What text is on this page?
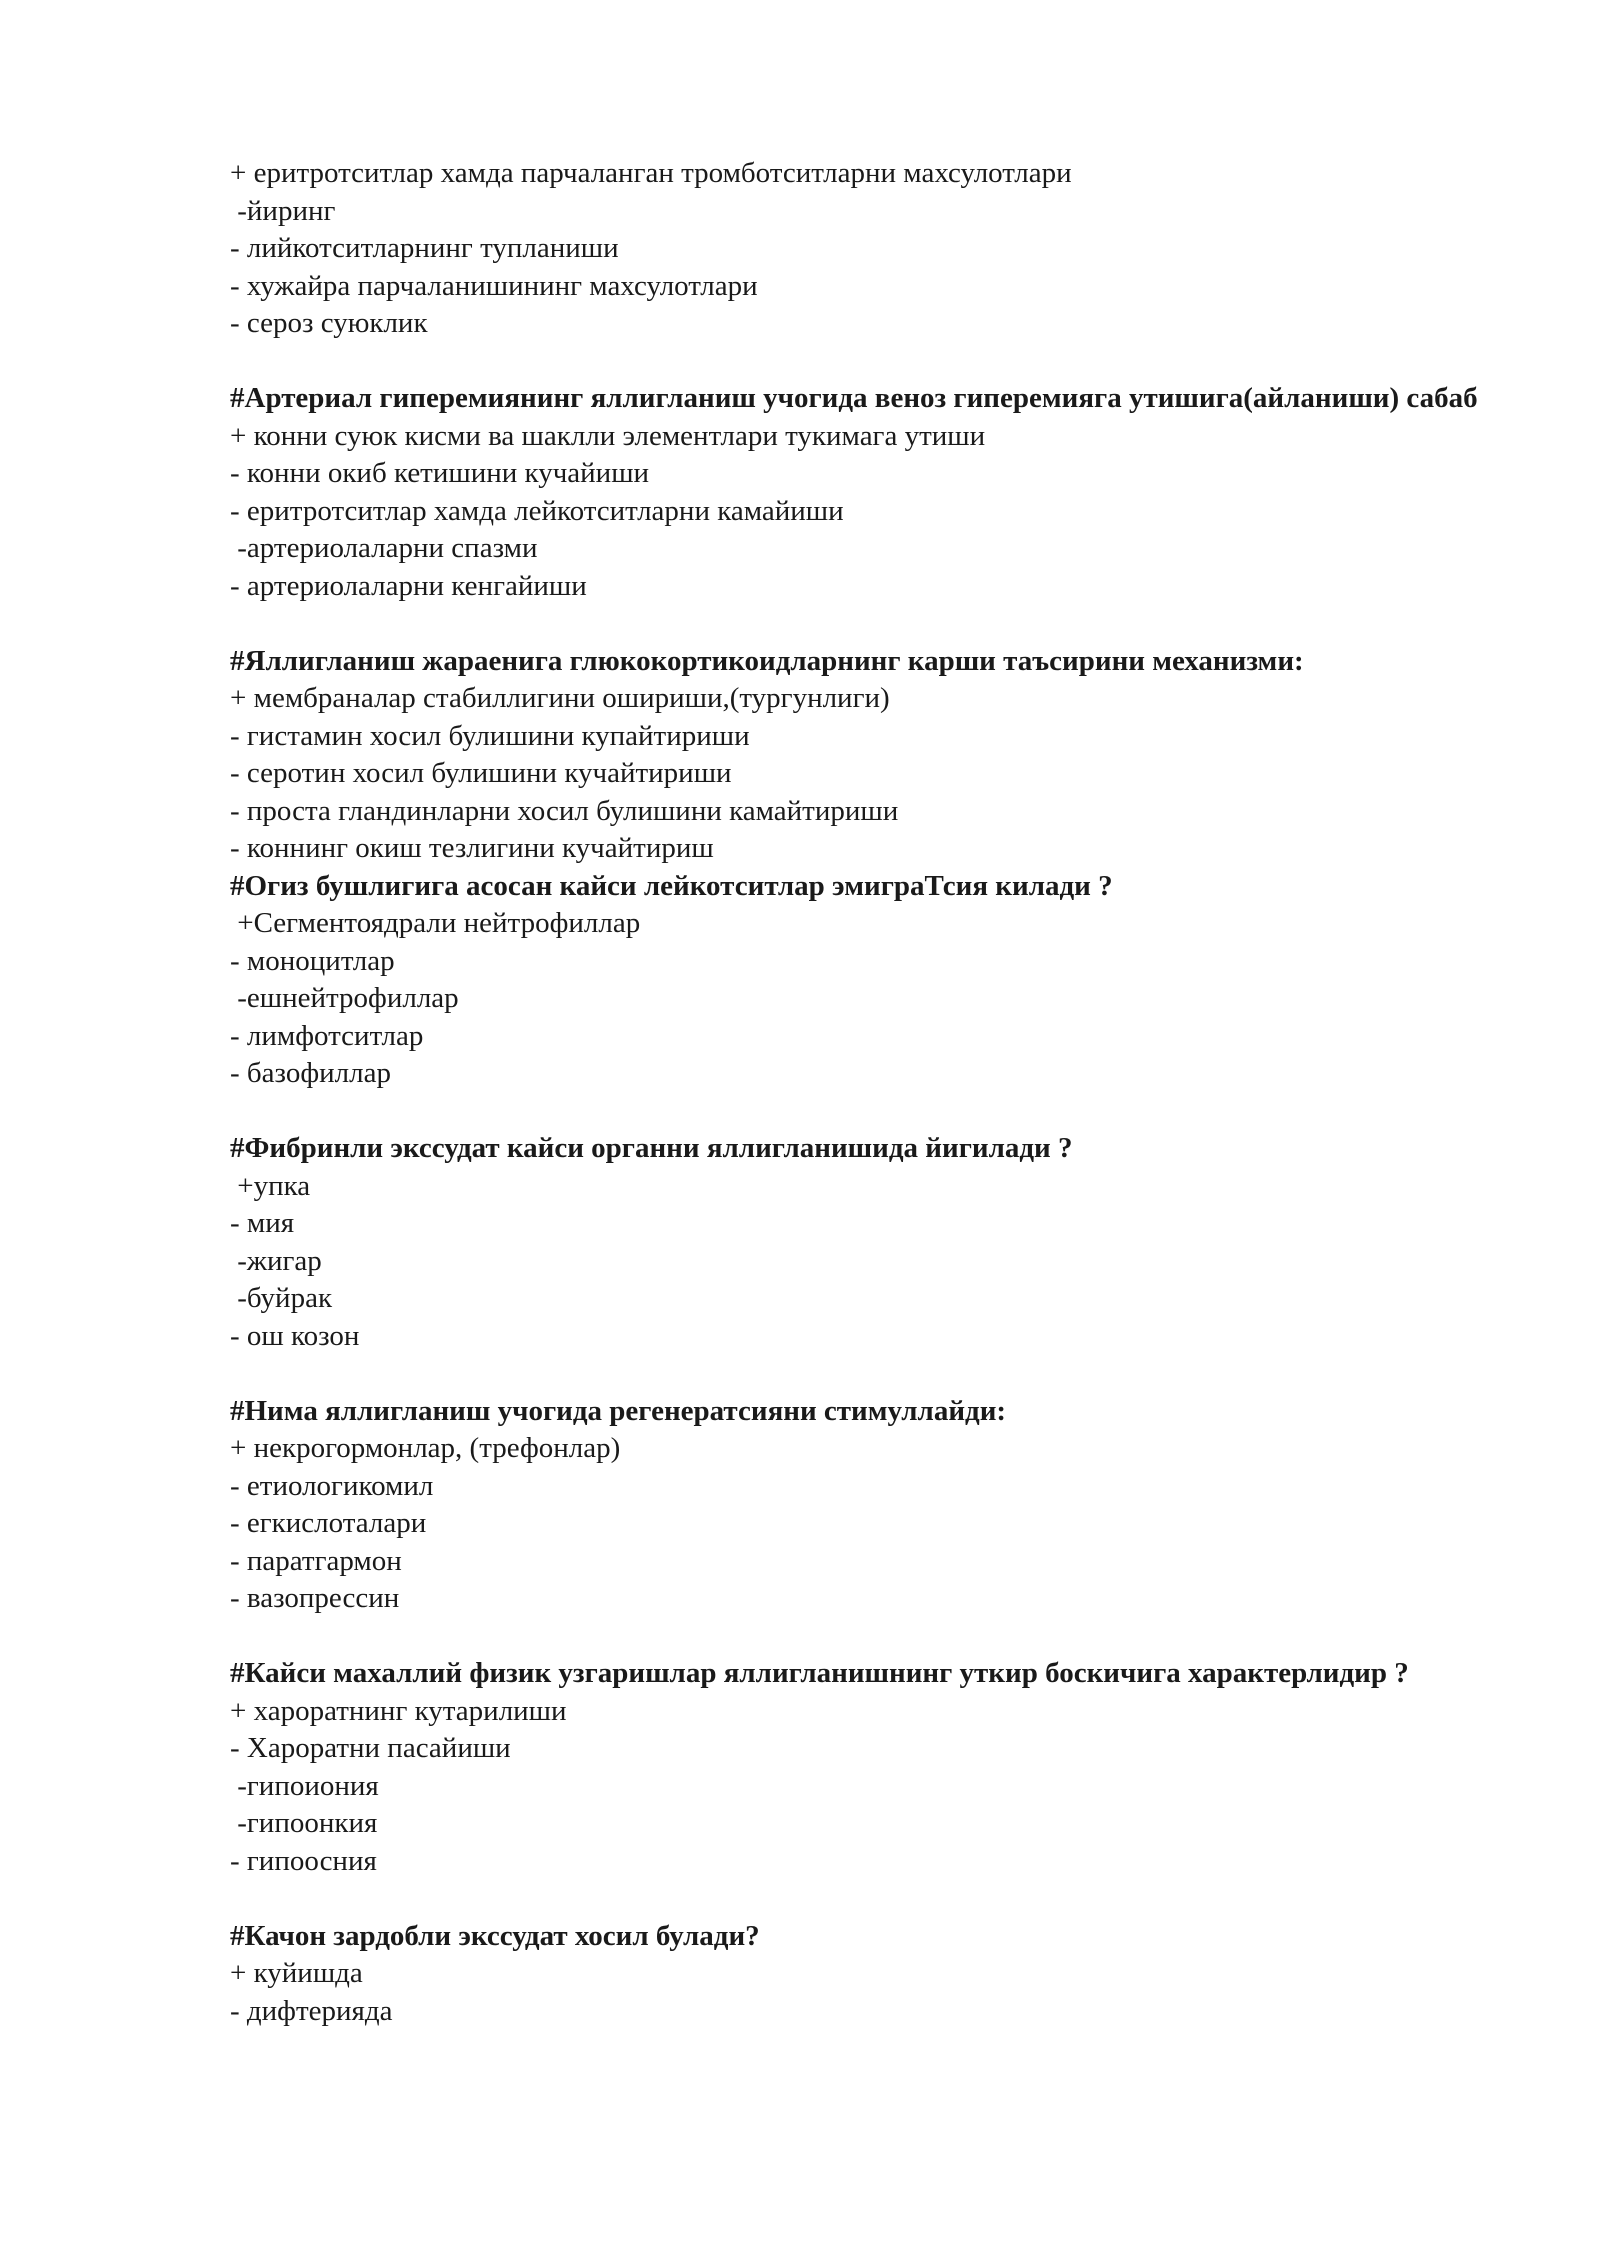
+ еритротситлар хамда парчаланган тромботситларни махсулотлари
-йиринг
- лийкотситларнинг тупланиши
- хужайра парчаланишининг махсулотлари
- сероз суюклик
#Артериал гиперемиянинг яллигланиш учогида веноз гиперемияга утишига(айланиши) сабаб
+ конни суюк кисми ва шаклли элементлари тукимага утиши
- конни окиб кетишини кучайиши
- еритротситлар хамда лейкотситларни камайиши
-артериолаларни спазми
- артериолаларни кенгайиши
#Яллигланиш жараенига глюкокортикоидларнинг карши таъсирини механизми:
+ мембраналар стабиллигини ошириши,(тургунлиги)
- гистамин хосил булишини купайтириши
- серотин хосил булишини кучайтириши
- проста гландинларни хосил булишини камайтириши
- коннинг окиш тезлигини кучайтириш
#Огиз бушлигига асосан кайси лейкотситлар эмиграТсия килади ?
+Сегментоядрали нейтрофиллар
- моноцитлар
-ешнейтрофиллар
- лимфотситлар
- базофиллар
#Фибринли экссудат кайси органни яллигланишида йигилади ?
+упка
- мия
-жигар
-буйрак
- ош козон
#Нима яллигланиш учогида регенератсияни стимуллайди:
+ некрогормонлар, (трефонлар)
- етиологикомил
- егкислоталари
- паратгармон
- вазопрессин
#Кайси махаллий физик узгаришлар яллигланишнинг уткир боскичига характерлидир ?
+ хароратнинг кутарилиши
- Хароратни пасайиши
-гипоиония
-гипоонкия
- гипоосния
#Качон зардобли экссудат хосил булади?
+ куйишда
- дифтерияда
